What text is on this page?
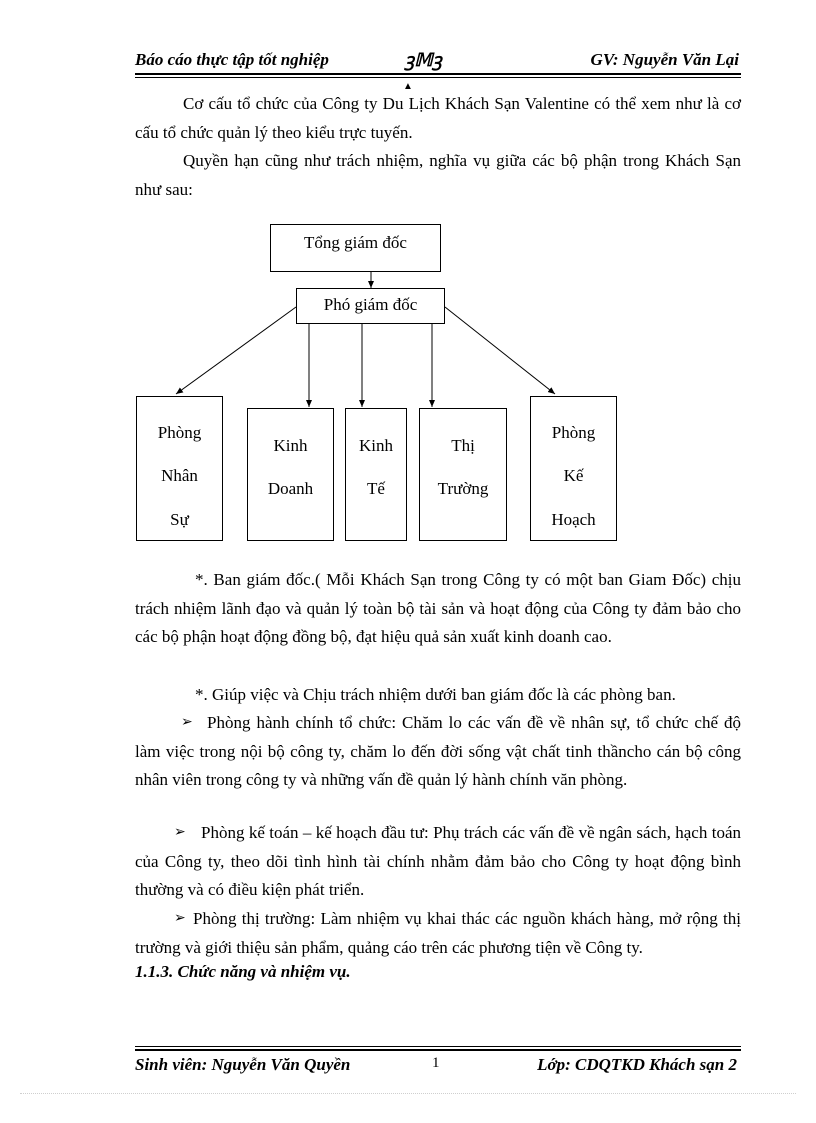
Báo cáo thực tập tốt nghiệp	ꝫ𝕄ꝫ	GV: Nguyễn Văn Lại
▲

Cơ cấu tổ chức của Công ty Du Lịch Khách Sạn Valentine có thể xem như là cơ cấu tổ chức quản lý theo kiểu trực tuyến.

Quyền hạn cũng như trách nhiệm, nghĩa vụ giữa các bộ phận trong Khách Sạn như sau:

Tổng giám đốc
Phó giám đốc
Phòng
Nhân
Sự
Kinh
Doanh
Kinh
Tế
Thị
Trường
Phòng
Kế
Hoạch

*. Ban giám đốc.( Mỗi Khách Sạn trong Công ty có một ban Giam Đốc) chịu trách nhiệm lãnh đạo và quản lý toàn bộ tài sản và hoạt động của Công ty đảm bảo cho các bộ phận hoạt động đồng bộ, đạt hiệu quả sản xuất kinh doanh cao.

*. Giúp việc và Chịu trách nhiệm dưới ban giám đốc là các phòng ban.

➢ Phòng hành chính tổ chức: Chăm lo các vấn đề về nhân sự, tổ chức chế độ làm việc trong nội bộ công ty, chăm lo đến đời sống vật chất tinh thầncho cán bộ công nhân viên trong công ty và những vấn đề quản lý hành chính văn phòng.

➢ Phòng kế toán – kế hoạch đầu tư: Phụ trách các vấn đề về ngân sách, hạch toán của Công ty, theo dõi tình hình tài chính nhằm đảm bảo cho Công ty hoạt động bình thường và có điều kiện phát triển.

➢ Phòng thị trường: Làm nhiệm vụ khai thác các nguồn khách hàng, mở rộng thị trường và giới thiệu sản phẩm, quảng cáo trên các phương tiện về Công ty.

1.1.3. Chức năng và nhiệm vụ.
Sinh viên: Nguyễn Văn Quyền	1	Lớp: CDQTKD Khách sạn 2
